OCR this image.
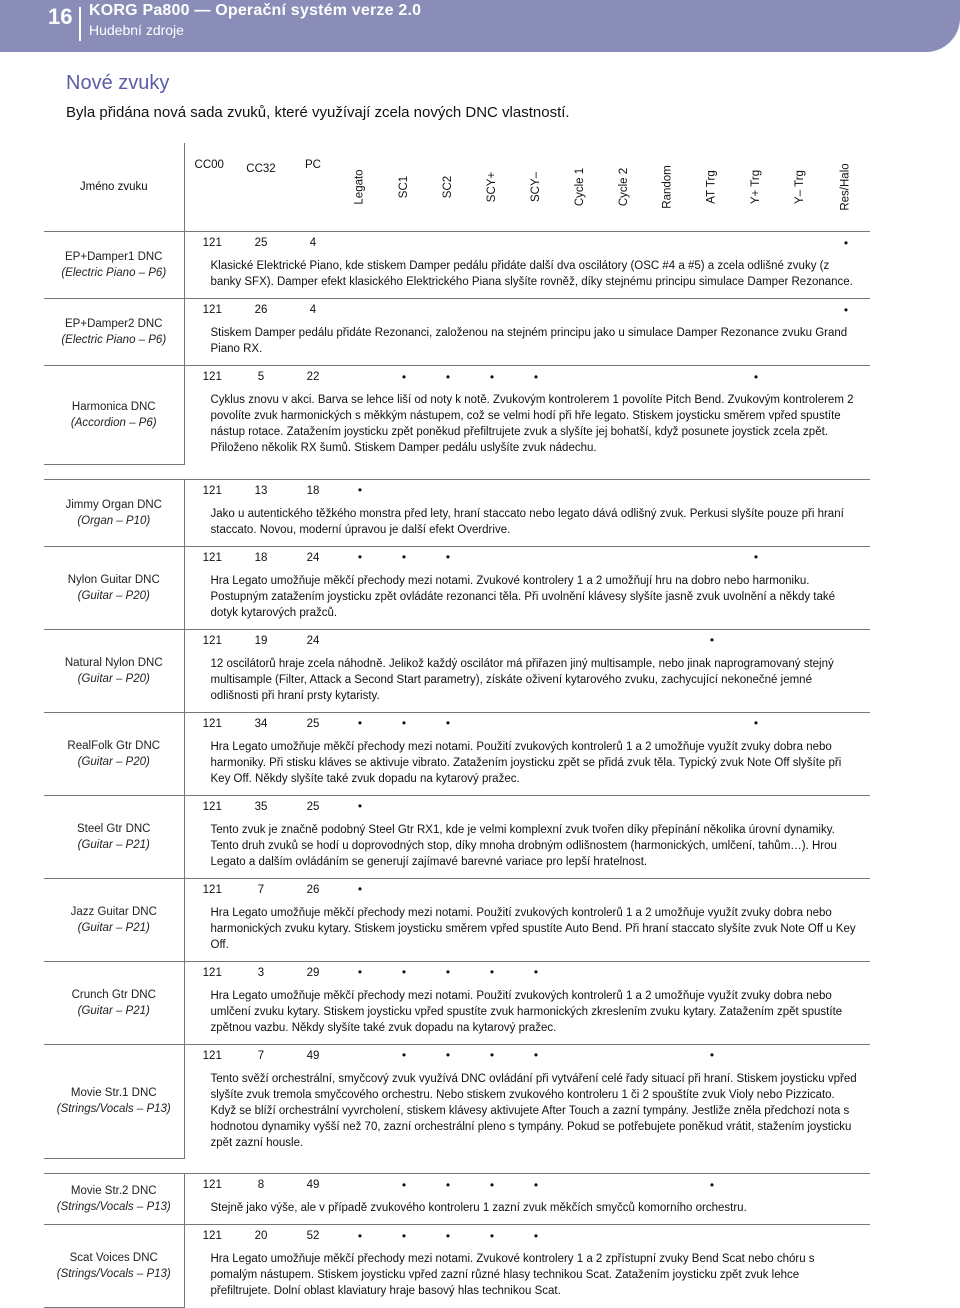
16 KORG Pa800 — Operační systém verze 2.0
Hudební zdroje
Nové zvuky
Byla přidána nová sada zvuků, které využívají zcela nových DNC vlastností.
Jméno zvuku	CC00	CC32	PC	Legato	SC1	SC2	SCY+	SCY–	Cycle 1	Cycle 2	Random	AT Trg	Y+ Trg	Y– Trg	Res/Halo

EP+Damper1 DNC
(Electric Piano – P6)	121	25	4												•
	Klasické Elektrické Piano, kde stiskem Damper pedálu přidáte další dva oscilátory (OSC #4 a #5) a zcela odlišné zvuky (z banky SFX). Damper efekt klasického Elektrického Piana slyšíte rovněž, díky stejnému principu simulace Damper Rezonance.														

EP+Damper2 DNC
(Electric Piano – P6)	121	26	4												•
	Stiskem Damper pedálu přidáte Rezonanci, založenou na stejném principu jako u simulace Damper Rezonance zvuku Grand Piano RX.														

Harmonica DNC
(Accordion – P6)	121	5	22		•	•	•	•					•		
	Cyklus znovu v akci. Barva se lehce liší od noty k notě. Zvukovým kontrolerem 1 povolíte Pitch Bend. Zvukovým kontrolerem 2 povolíte zvuk harmonických s měkkým nástupem, což se velmi hodí při hře legato. Stiskem joysticku směrem vpřed spustíte nástup rotace. Zatažením joysticku zpět poněkud přefiltrujete zvuk a slyšíte jej bohatší, když posunete joystick zcela zpět. Přiloženo několik RX šumů. Stiskem Damper pedálu uslyšíte zvuk nádechu.														

Jimmy Organ DNC
(Organ – P10)	121	13	18	•											
	Jako u autentického těžkého monstra před lety, hraní staccato nebo legato dává odlišný zvuk. Perkusi slyšíte pouze při hraní staccato. Novou, moderní úpravou je další efekt Overdrive.														

Nylon Guitar DNC
(Guitar – P20)	121	18	24	•	•	•							•		
	Hra Legato umožňuje měkčí přechody mezi notami. Zvukové kontrolery 1 a 2 umožňují hru na dobro nebo harmoniku. Postupným zatažením joysticku zpět ovládáte rezonanci těla. Při uvolnění klávesy slyšíte jasně zvuk uvolnění a někdy také dotyk kytarových pražců.														

Natural Nylon DNC
(Guitar – P20)	121	19	24									•			
	12 oscilátorů hraje zcela náhodně. Jelikož každý oscilátor má přiřazen jiný multisample, nebo jinak naprogramovaný stejný multisample (Filter, Attack a Second Start parametry), získáte oživení kytarového zvuku, zachycující nekonečné jemné odlišnosti při hraní prsty kytaristy.														

RealFolk Gtr DNC
(Guitar – P20)	121	34	25	•	•	•							•		
	Hra Legato umožňuje měkčí přechody mezi notami. Použití zvukových kontrolerů 1 a 2 umožňuje využít zvuky dobra nebo harmoniky. Při stisku kláves se aktivuje vibrato. Zatažením joysticku zpět se přidá zvuk těla. Typický zvuk Note Off slyšíte při Key Off. Někdy slyšíte také zvuk dopadu na kytarový pražec.														

Steel Gtr DNC
(Guitar – P21)	121	35	25	•											
	Tento zvuk je značně podobný Steel Gtr RX1, kde je velmi komplexní zvuk tvořen díky přepínání několika úrovní dynamiky. Tento druh zvuků se hodí u doprovodných stop, díky mnoha drobným odlišnostem (harmonických, umlčení, tahům…). Hrou Legato a dalším ovládáním se generují zajímavé barevné variace pro lepší hratelnost.														

Jazz Guitar DNC
(Guitar – P21)	121	7	26	•											
	Hra Legato umožňuje měkčí přechody mezi notami. Použití zvukových kontrolerů 1 a 2 umožňuje využít zvuky dobra nebo harmonických zvuku kytary. Stiskem joysticku směrem vpřed spustíte Auto Bend. Při hraní staccato slyšíte zvuk Note Off u Key Off.														

Crunch Gtr DNC
(Guitar – P21)	121	3	29	•	•	•	•	•							
	Hra Legato umožňuje měkčí přechody mezi notami. Použití zvukových kontrolerů 1 a 2 umožňuje využít zvuky dobra nebo umlčení zvuku kytary. Stiskem joysticku vpřed spustíte zvuk harmonických zkreslením zvuku kytary. Zatažením zpět spustíte zpětnou vazbu. Někdy slyšíte také zvuk dopadu na kytarový pražec.														

Movie Str.1 DNC
(Strings/Vocals – P13)	121	7	49		•	•	•	•				•			
	Tento svěží orchestrální, smyčcový zvuk využívá DNC ovládání při vytváření celé řady situací při hraní. Stiskem joysticku vpřed slyšíte zvuk tremola smyčcového orchestru. Nebo stiskem zvukového kontroleru 1 či 2 spouštíte zvuk Violy nebo Pizzicato. Když se blíží orchestrální vyvrcholení, stiskem klávesy aktivujete After Touch a zazní tympány. Jestliže zněla předchozí nota s hodnotou dynamiky vyšší než 70, zazní orchestrální pleno s tympány. Pokud se potřebujete poněkud vrátit, stažením joysticku zpět zazní housle.														

Movie Str.2 DNC
(Strings/Vocals – P13)	121	8	49		•	•	•	•				•			
	Stejně jako výše, ale v případě zvukového kontroleru 1 zazní zvuk měkčích smyčců komorního orchestru.														

Scat Voices DNC
(Strings/Vocals – P13)	121	20	52	•	•	•	•	•							
	Hra Legato umožňuje měkčí přechody mezi notami. Zvukové kontrolery 1 a 2 zpřístupní zvuky Bend Scat nebo chóru s pomalým nástupem. Stiskem joysticku vpřed zazní různé hlasy technikou Scat. Zatažením joysticku zpět zvuk lehce přefiltrujete. Dolní oblast klaviatury hraje basový hlas technikou Scat.														
